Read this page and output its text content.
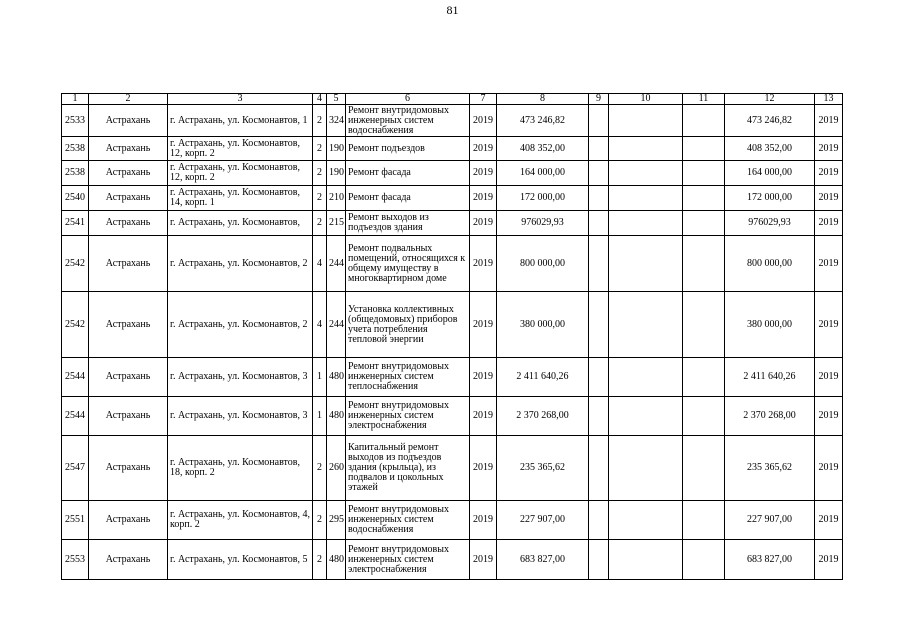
81
1	2	3	4	5	6	7	8	9	10	11	12	13
2533	Астрахань	г. Астрахань, ул. Космонавтов, 1	2	324	Ремонт внутридомовых инженерных систем водоснабжения	2019	473 246,82				473 246,82	2019
2538	Астрахань	г. Астрахань, ул. Космонавтов, 12, корп. 2	2	190	Ремонт подъездов	2019	408 352,00				408 352,00	2019
2538	Астрахань	г. Астрахань, ул. Космонавтов, 12, корп. 2	2	190	Ремонт фасада	2019	164 000,00				164 000,00	2019
2540	Астрахань	г. Астрахань, ул. Космонавтов, 14, корп. 1	2	210	Ремонт фасада	2019	172 000,00				172 000,00	2019
2541	Астрахань	г. Астрахань, ул. Космонавтов,	2	215	Ремонт выходов из подъездов здания	2019	976029,93				976029,93	2019
2542	Астрахань	г. Астрахань, ул. Космонавтов, 2	4	244	Ремонт подвальных помещений, относящихся к общему имуществу в многоквартирном доме	2019	800 000,00				800 000,00	2019
2542	Астрахань	г. Астрахань, ул. Космонавтов, 2	4	244	Установка коллективных (общедомовых) приборов учета потребления тепловой энергии	2019	380 000,00				380 000,00	2019
2544	Астрахань	г. Астрахань, ул. Космонавтов, 3	1	480	Ремонт внутридомовых инженерных систем теплоснабжения	2019	2 411 640,26				2 411 640,26	2019
2544	Астрахань	г. Астрахань, ул. Космонавтов, 3	1	480	Ремонт внутридомовых инженерных систем электроснабжения	2019	2 370 268,00				2 370 268,00	2019
2547	Астрахань	г. Астрахань, ул. Космонавтов, 18, корп. 2	2	260	Капитальный ремонт выходов из подъездов здания (крыльца), из подвалов и цокольных этажей	2019	235 365,62				235 365,62	2019
2551	Астрахань	г. Астрахань, ул. Космонавтов, 4, корп. 2	2	295	Ремонт внутридомовых инженерных систем водоснабжения	2019	227 907,00				227 907,00	2019
2553	Астрахань	г. Астрахань, ул. Космонавтов, 5	2	480	Ремонт внутридомовых инженерных систем электроснабжения	2019	683 827,00				683 827,00	2019
